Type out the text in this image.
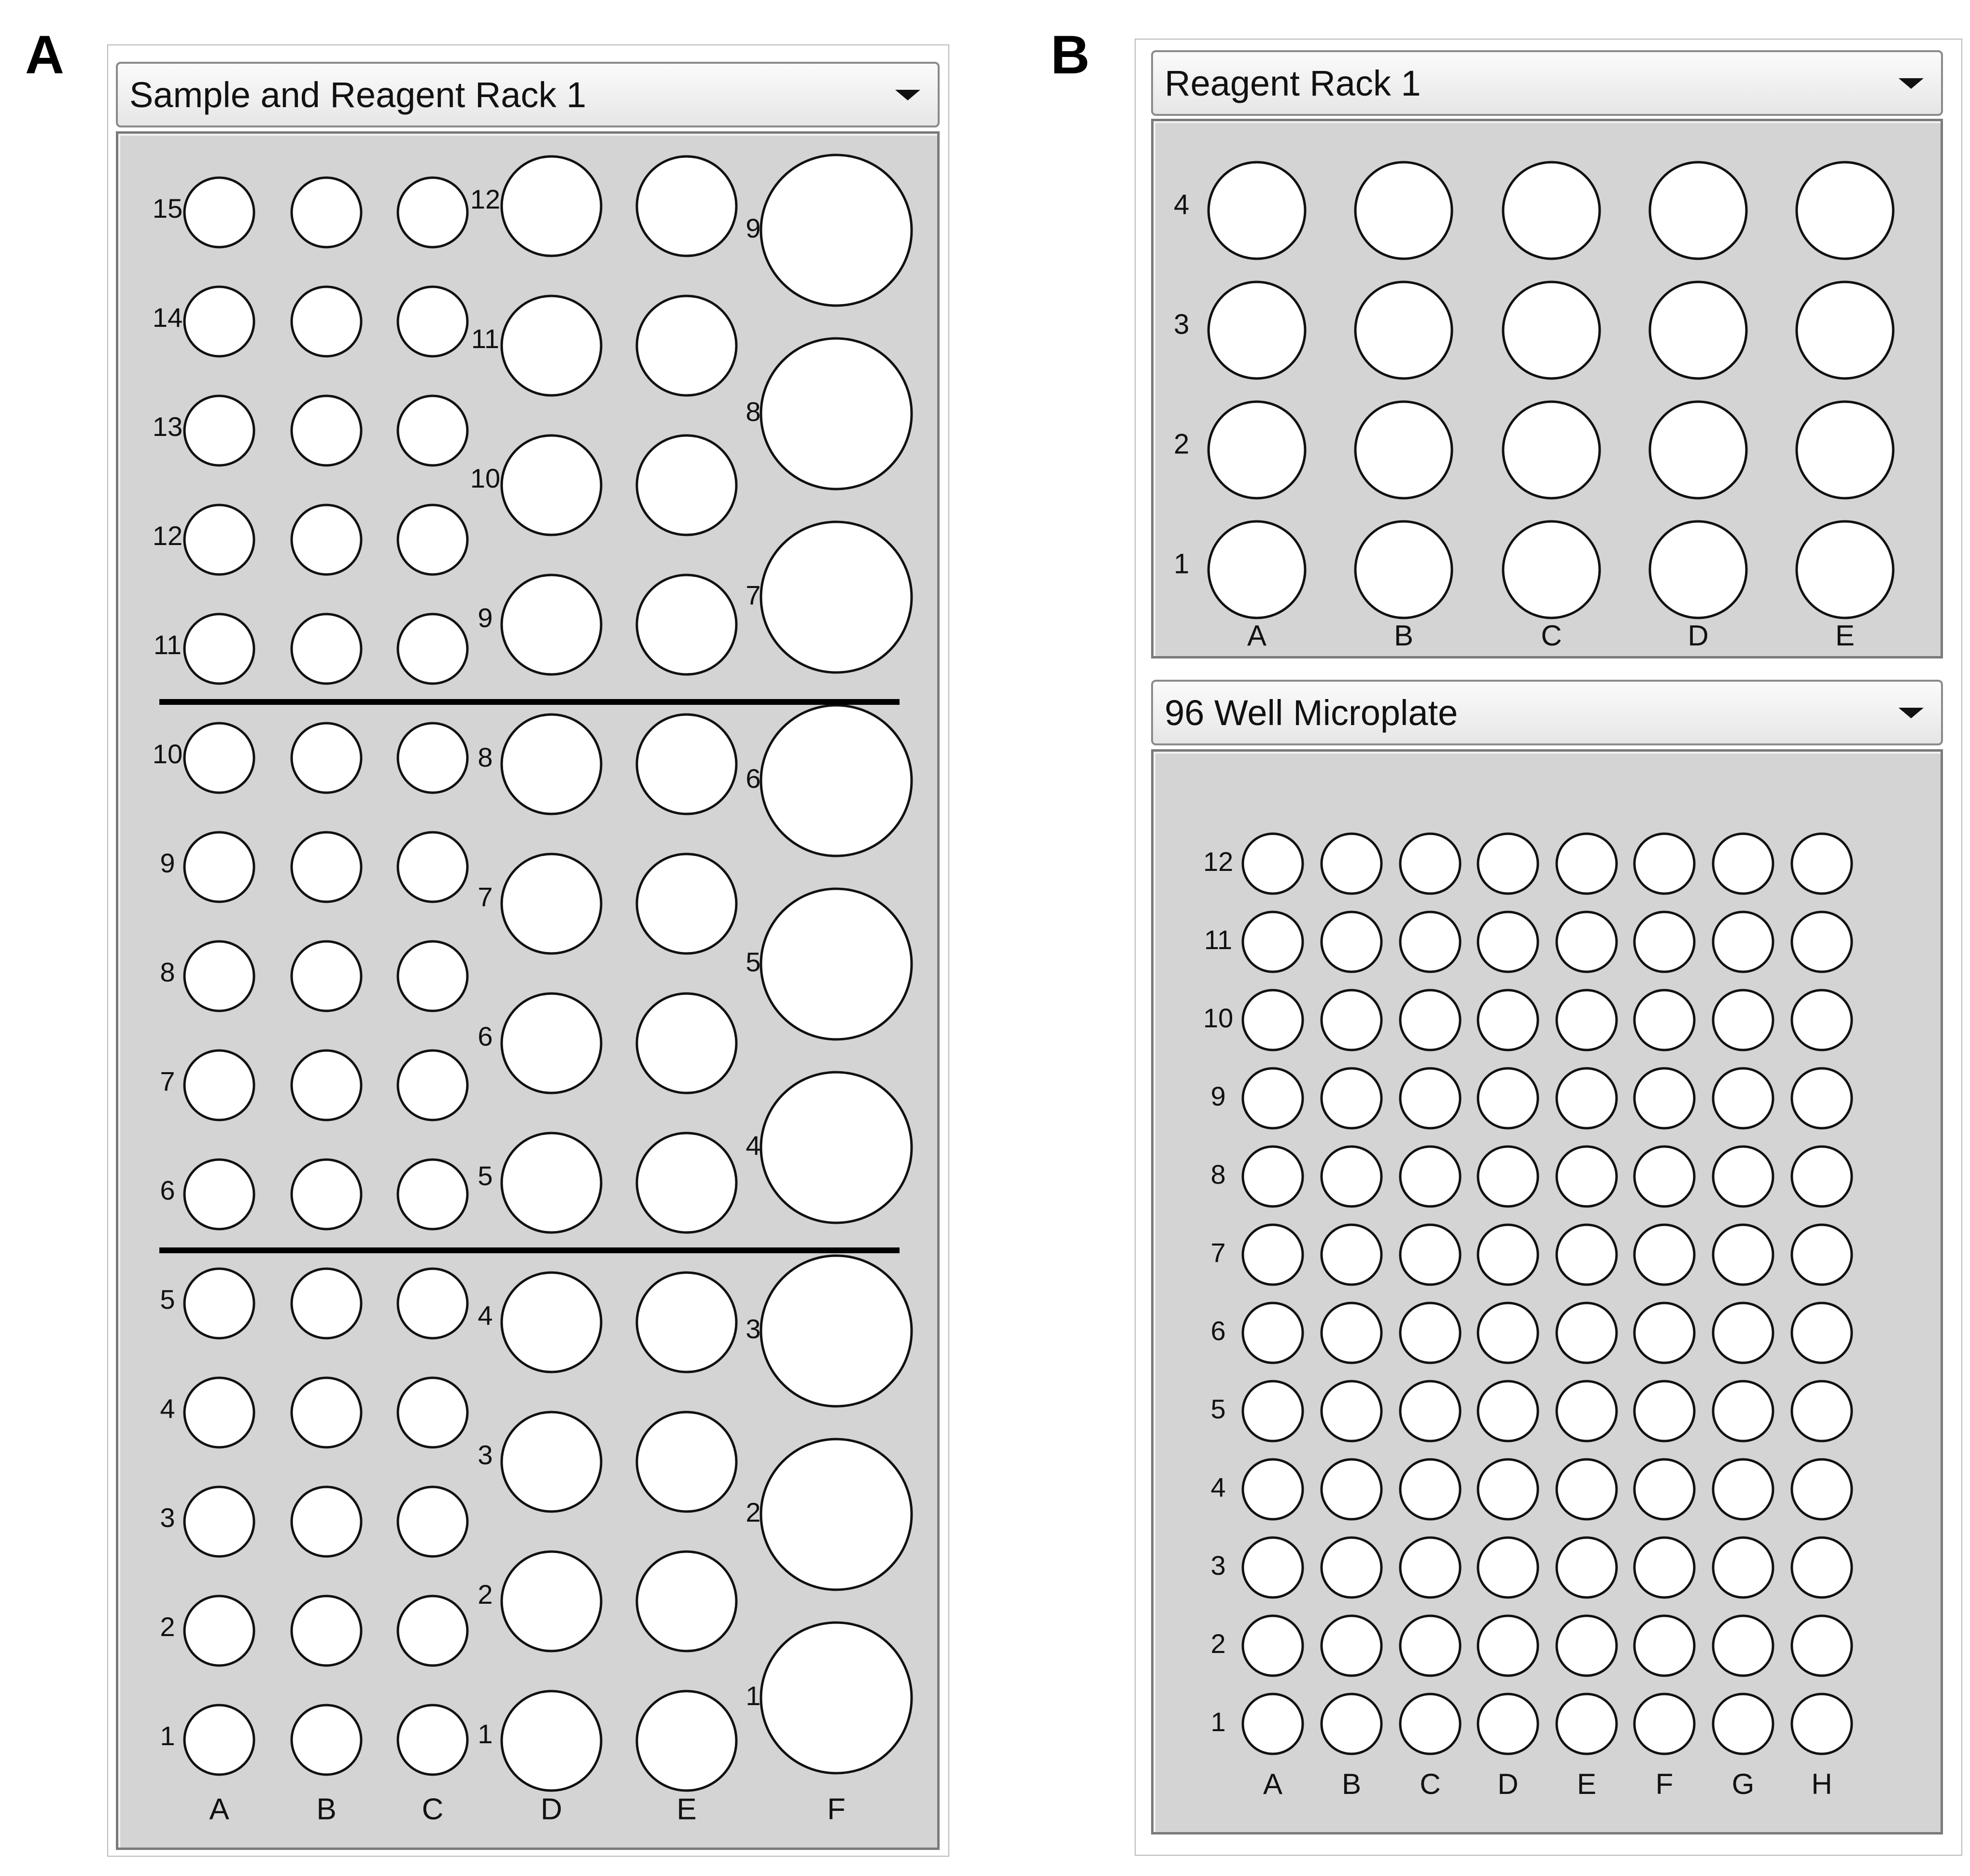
A
Sample and Reagent Rack 1
15
14
13
12
11
10
9
8
7
6
5
4
3
2
1
12
11
10
9
8
7
6
5
4
3
2
1
9
8
7
6
5
4
3
2
1
A	B	C	D	E	F
B Reagent Rack 1
4
3
2
1
A	B	C	D	E
96 Well Microplate
12
11
10
9
8
7
6
5
4
3
2
1
A B C D E F G H
